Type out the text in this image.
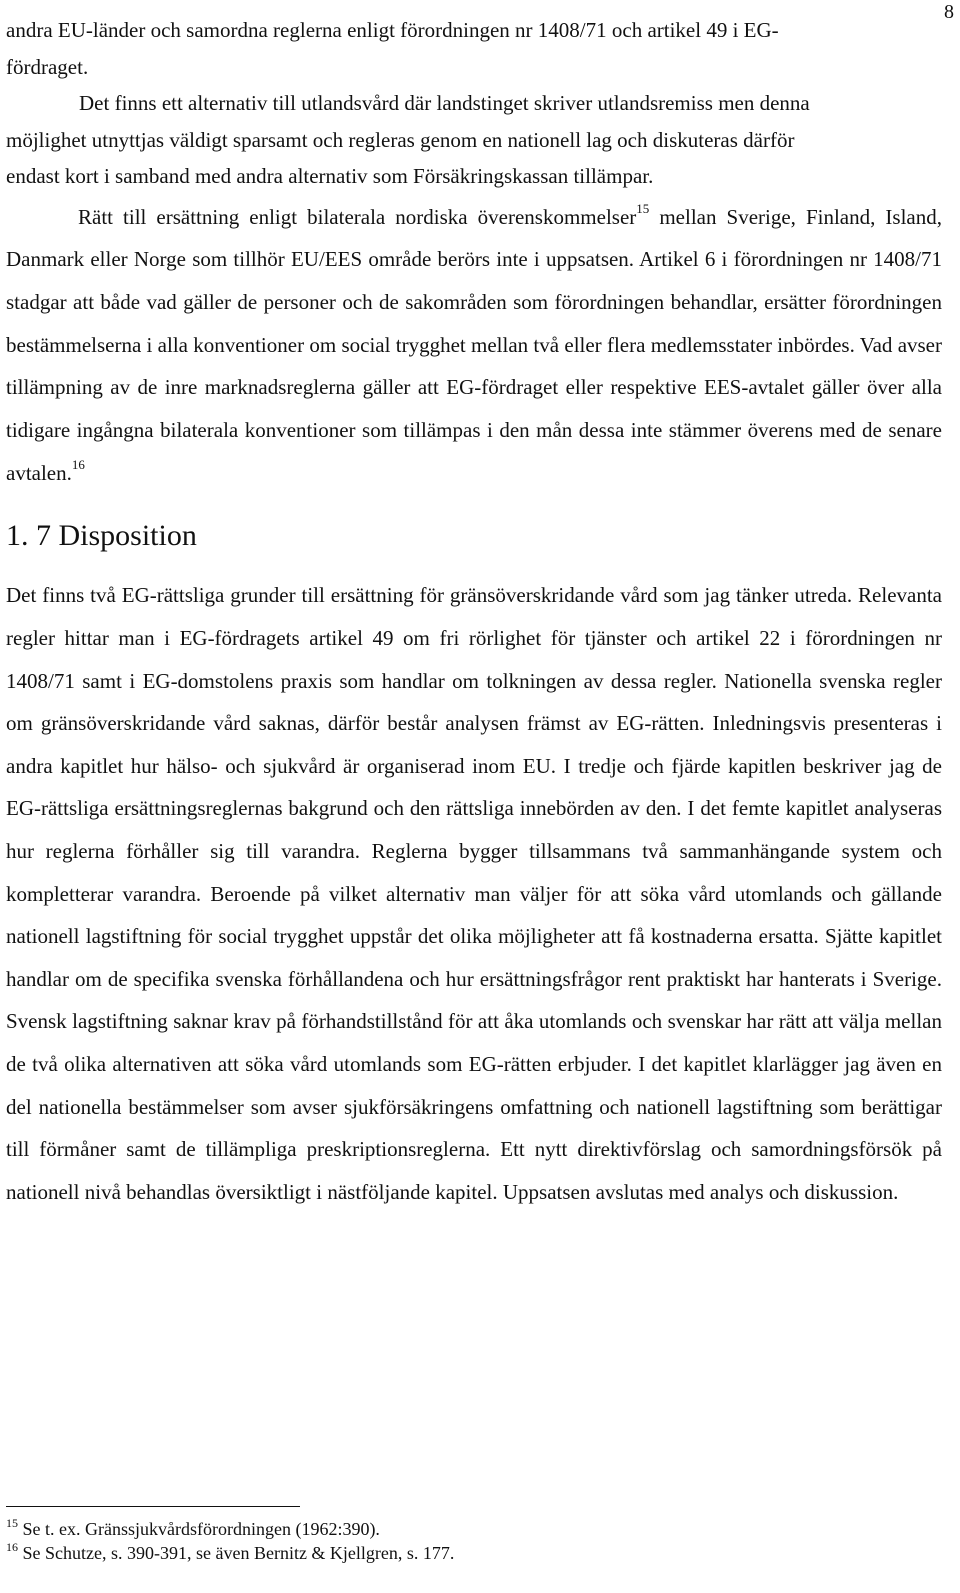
8

andra EU-länder och samordna reglerna enligt förordningen nr 1408/71 och artikel 49 i EG-
fördraget.
Det finns ett alternativ till utlandsvård där landstinget skriver utlandsremiss men denna
möjlighet utnyttjas väldigt sparsamt och regleras genom en nationell lag och diskuteras därför
endast kort i samband med andra alternativ som Försäkringskassan tillämpar.

Rätt till ersättning enligt bilaterala nordiska överenskommelser$^{15}$ mellan Sverige, Finland, Island, Danmark eller Norge som tillhör EU/EES område berörs inte i uppsatsen. Artikel 6 i förordningen nr 1408/71 stadgar att både vad gäller de personer och de sakområden som förordningen behandlar, ersätter förordningen bestämmelserna i alla konventioner om social trygghet mellan två eller flera medlemsstater inbördes. Vad avser tillämpning av de inre marknadsreglerna gäller att EG-fördraget eller respektive EES-avtalet gäller över alla tidigare ingångna bilaterala konventioner som tillämpas i den mån dessa inte stämmer överens med de senare avtalen.$^{16}$

1. 7 Disposition

Det finns två EG-rättsliga grunder till ersättning för gränsöverskridande vård som jag tänker utreda. Relevanta regler hittar man i EG-fördragets artikel 49 om fri rörlighet för tjänster och artikel 22 i förordningen nr 1408/71 samt i EG-domstolens praxis som handlar om tolkningen av dessa regler. Nationella svenska regler om gränsöverskridande vård saknas, därför består analysen främst av EG-rätten. Inledningsvis presenteras i andra kapitlet hur hälso- och sjukvård är organiserad inom EU. I tredje och fjärde kapitlen beskriver jag de EG-rättsliga ersättningsreglernas bakgrund och den rättsliga innebörden av den. I det femte kapitlet analyseras hur reglerna förhåller sig till varandra. Reglerna bygger tillsammans två sammanhängande system och kompletterar varandra. Beroende på vilket alternativ man väljer för att söka vård utomlands och gällande nationell lagstiftning för social trygghet uppstår det olika möjligheter att få kostnaderna ersatta. Sjätte kapitlet handlar om de specifika svenska förhållandena och hur ersättningsfrågor rent praktiskt har hanterats i Sverige. Svensk lagstiftning saknar krav på förhandstillstånd för att åka utomlands och svenskar har rätt att välja mellan de två olika alternativen att söka vård utomlands som EG-rätten erbjuder. I det kapitlet klarlägger jag även en del nationella bestämmelser som avser sjukförsäkringens omfattning och nationell lagstiftning som berättigar till förmåner samt de tillämpliga preskriptionsreglerna. Ett nytt direktivförslag och samordningsförsök på nationell nivå behandlas översiktligt i nästföljande kapitel. Uppsatsen avslutas med analys och diskussion.

$^{15}$ Se t. ex. Gränssjukvårdsförordningen (1962:390).
$^{16}$ Se Schutze, s. 390-391, se även Bernitz & Kjellgren, s. 177.
